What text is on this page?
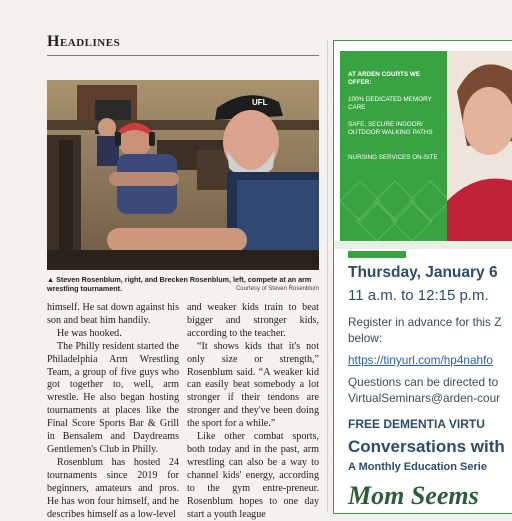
Headlines
UFL
▲ Steven Rosenblum, right, and Brecken Rosenblum, left, compete at an arm wrestling tournament.	Courtesy of Steven Rosenblum

himself. He sat down against his son and beat him handily.

He was hooked.

The Philly resident started the Philadelphia Arm Wrestling Team, a group of five guys who got together to, well, arm wrestle. He also began hosting tournaments at places like the Final Score Sports Bar & Grill in Bensalem and Daydreams Gentlemen's Club in Philly.

Rosenblum has hosted 24 tournaments since 2019 for beginners, amateurs and pros. He has won four himself, and he describes himself as a low-level

and weaker kids train to beat bigger and stronger kids, according to the teacher.

“It shows kids that it's not only size or strength,” Rosenblum said. “A weaker kid can easily beat somebody a lot stronger if their tendons are stronger and they've been doing the sport for a while.”

Like other combat sports, both today and in the past, arm wrestling can also be a way to channel kids' energy, according to the gym entre-preneur. Rosenblum hopes to one day start a youth league

AT ARDEN COURTS WE OFFER:
100% DEDICATED MEMORY CARE
SAFE, SECURE INDOOR/ OUTDOOR WALKING PATHS
NURSING SERVICES ON-SITE
Thursday, January 6
11 a.m. to 12:15 p.m.
Register in advance for this Z
below:
https://tinyurl.com/hp4nahfo
Questions can be directed to
VirtualSeminars@arden-cour
FREE DEMENTIA VIRTU
Conversations with
A Monthly Education Serie
Mom Seems
